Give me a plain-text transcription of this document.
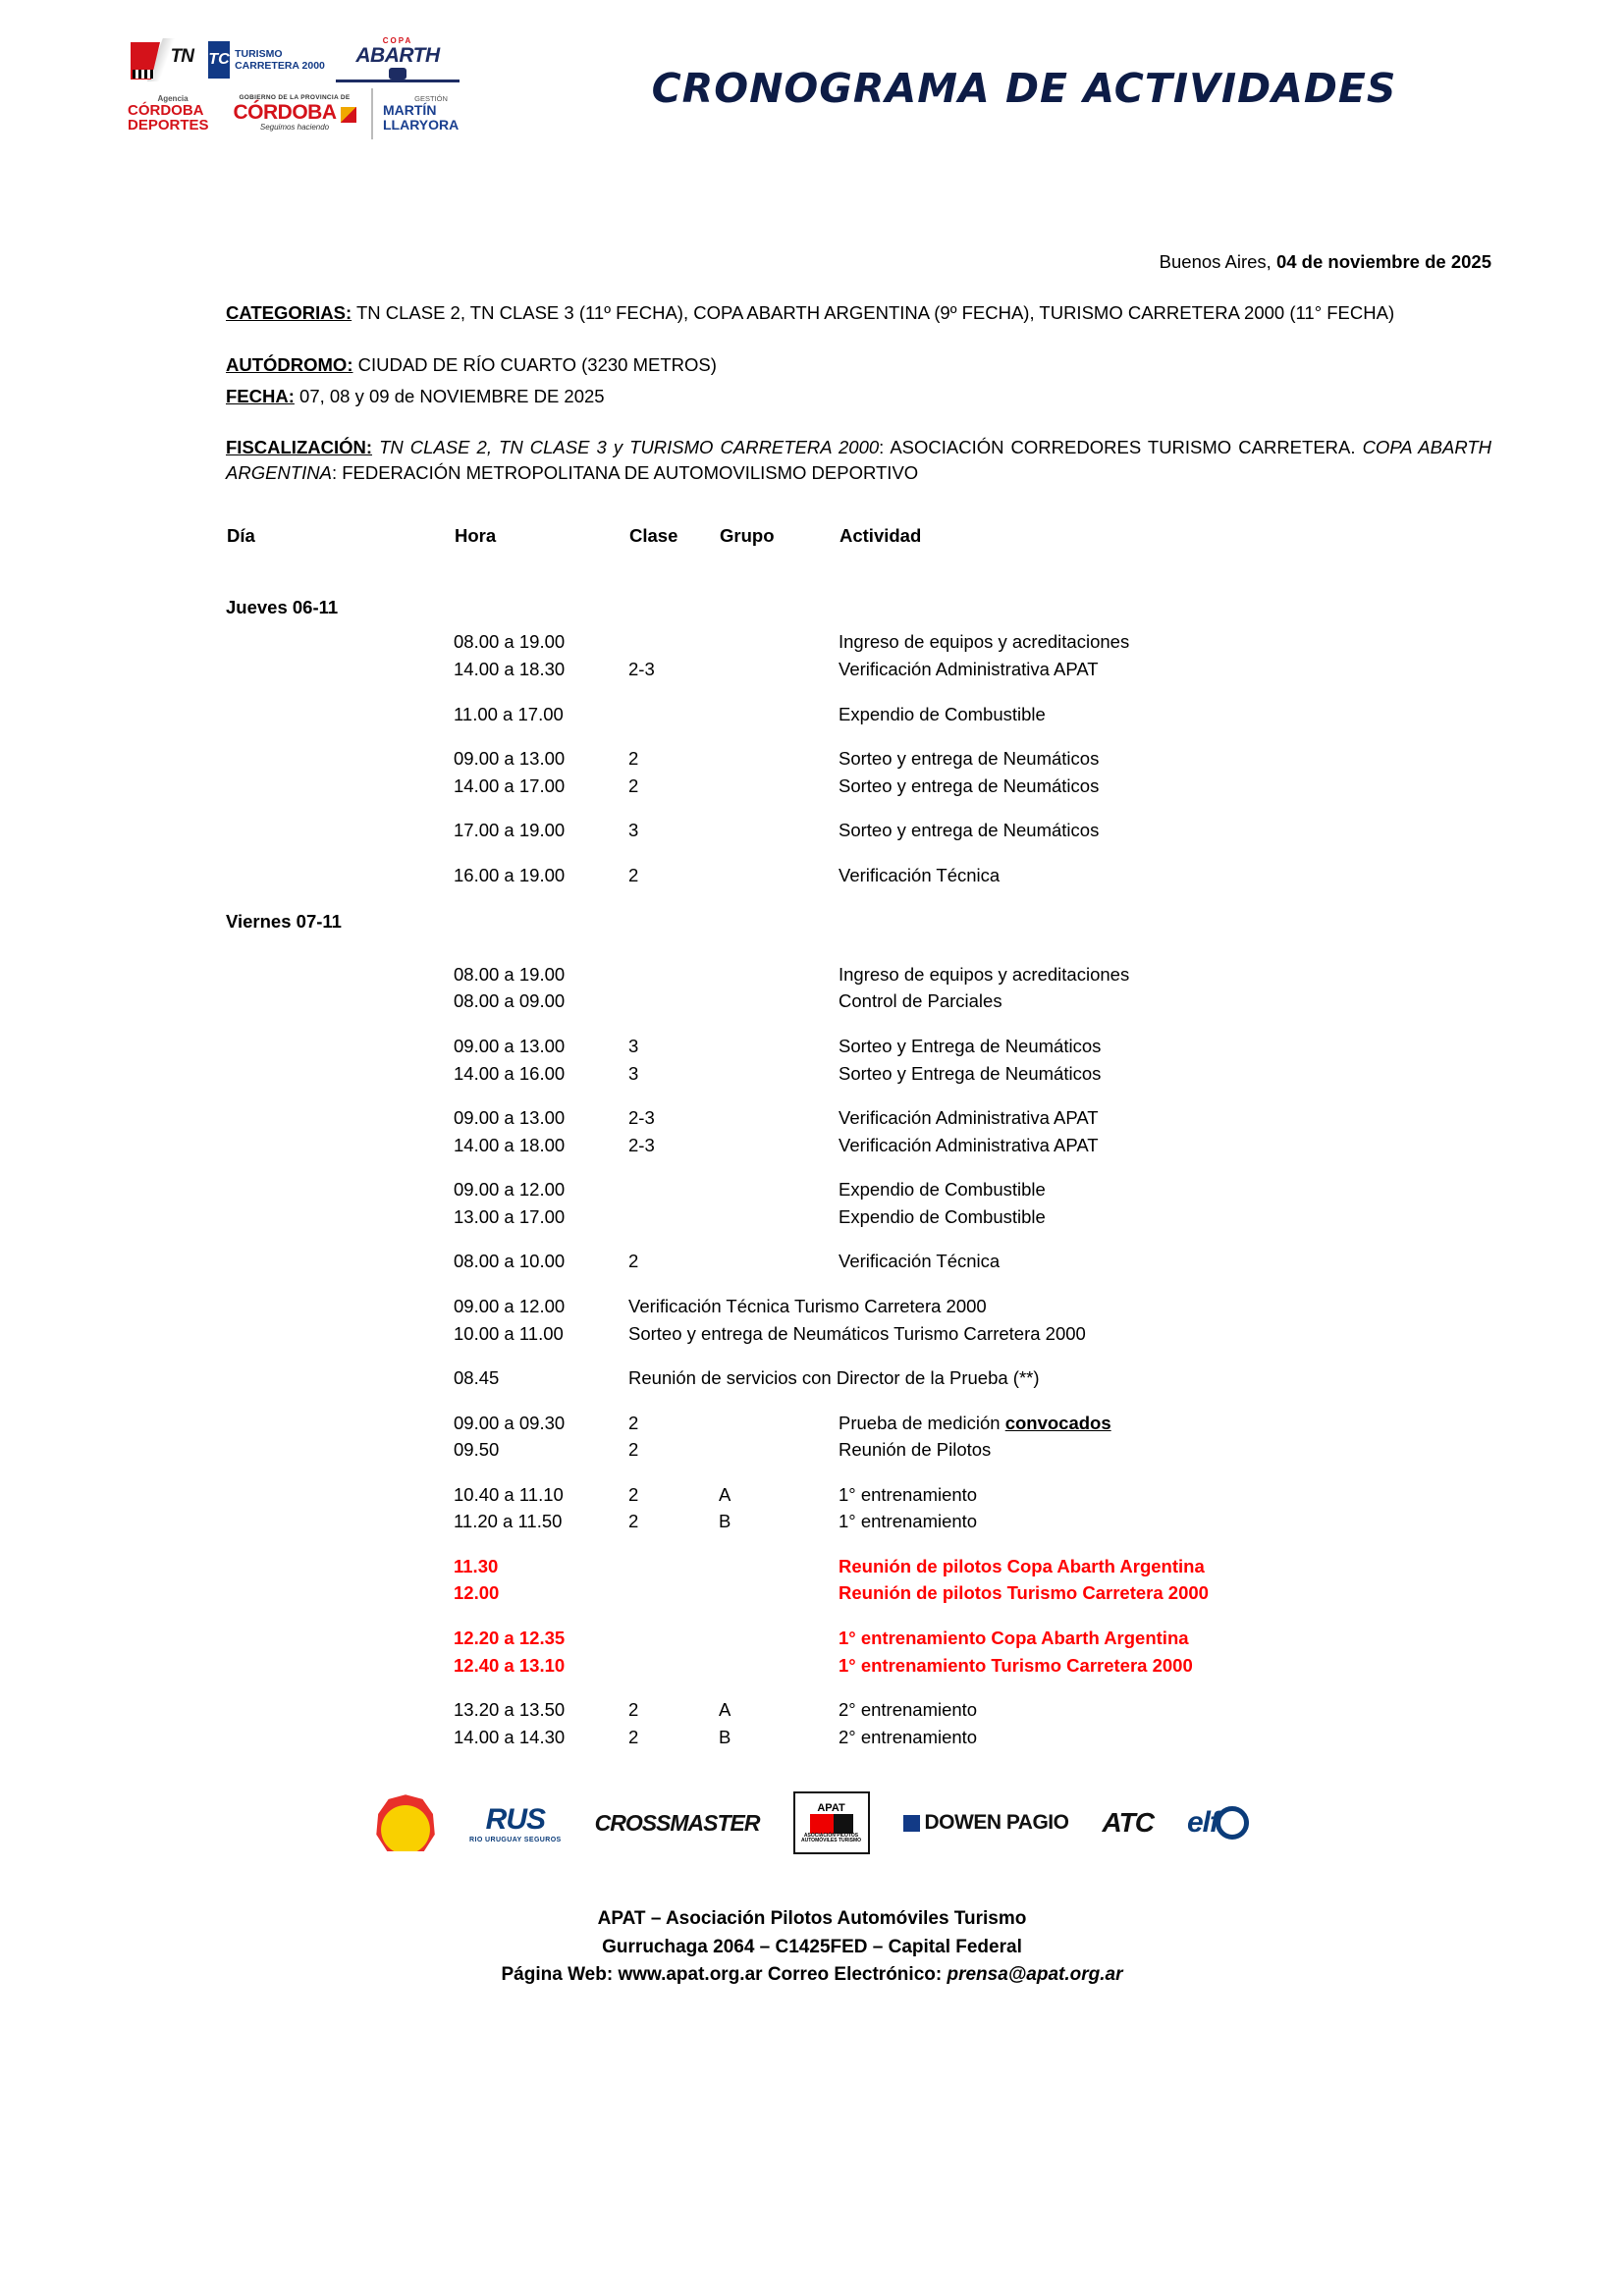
TN TC TURISMO CARRETERA 2000
COPA
ABARTH
Agencia
CÓRDOBA DEPORTES
GOBIERNO DE LA PROVINCIA DE
CÓRDOBA
Seguimos haciendo
GESTIÓN
MARTÍN LLARYORA
CRONOGRAMA DE ACTIVIDADES
Buenos Aires, 04 de noviembre de 2025
CATEGORIAS: TN CLASE 2, TN CLASE 3 (11º FECHA), COPA ABARTH ARGENTINA (9º FECHA), TURISMO CARRETERA 2000 (11° FECHA)
AUTÓDROMO: CIUDAD DE RÍO CUARTO (3230 METROS)
FECHA: 07, 08 y 09 de NOVIEMBRE DE 2025
FISCALIZACIÓN: TN CLASE 2, TN CLASE 3 y TURISMO CARRETERA 2000: ASOCIACIÓN CORREDORES TURISMO CARRETERA. COPA ABARTH ARGENTINA: FEDERACIÓN METROPOLITANA DE AUTOMOVILISMO DEPORTIVO
Día	Hora	Clase	Grupo	Actividad
Jueves 06-11				
	08.00 a 19.00			Ingreso de equipos y acreditaciones
	14.00 a 18.30	2-3		Verificación Administrativa APAT

	11.00 a 17.00			Expendio de Combustible

	09.00 a 13.00	2		Sorteo y entrega de Neumáticos
	14.00 a 17.00	2		Sorteo y entrega de Neumáticos

	17.00 a 19.00	3		Sorteo y entrega de Neumáticos

	16.00 a 19.00	2		Verificación Técnica
Viernes 07-11				

	08.00 a 19.00			Ingreso de equipos y acreditaciones
	08.00 a 09.00			Control de Parciales

	09.00 a 13.00	3		Sorteo y Entrega de Neumáticos
	14.00 a 16.00	3		Sorteo y Entrega de Neumáticos

	09.00 a 13.00	2-3		Verificación Administrativa APAT
	14.00 a 18.00	2-3		Verificación Administrativa APAT

	09.00 a 12.00			Expendio de Combustible
	13.00 a 17.00			Expendio de Combustible

	08.00 a 10.00	2		Verificación Técnica

	09.00 a 12.00	Verificación Técnica Turismo Carretera 2000		
	10.00 a 11.00	Sorteo y entrega de Neumáticos Turismo Carretera 2000		

	08.45	Reunión de servicios con Director de la Prueba (**)		

	09.00 a 09.30	2		Prueba de medición convocados
	09.50	2		Reunión de Pilotos

	10.40 a 11.10	2	A	1° entrenamiento
	11.20 a 11.50	2	B	1° entrenamiento

	11.30			Reunión de pilotos Copa Abarth Argentina
	12.00			Reunión de pilotos Turismo Carretera 2000

	12.20 a 12.35			1° entrenamiento Copa Abarth Argentina
	12.40 a 13.10			1° entrenamiento Turismo Carretera 2000

	13.20 a 13.50	2	A	2° entrenamiento
	14.00 a 14.30	2	B	2° entrenamiento
RUS
RIO URUGUAY SEGUROS
CROSSMASTER
APAT
ASOCIACIÓN PILOTOS AUTOMÓVILES TURISMO
DOWEN PAGIO ATC elf
APAT – Asociación Pilotos Automóviles Turismo
Gurruchaga 2064 – C1425FED – Capital Federal
Página Web: www.apat.org.ar Correo Electrónico: prensa@apat.org.ar
